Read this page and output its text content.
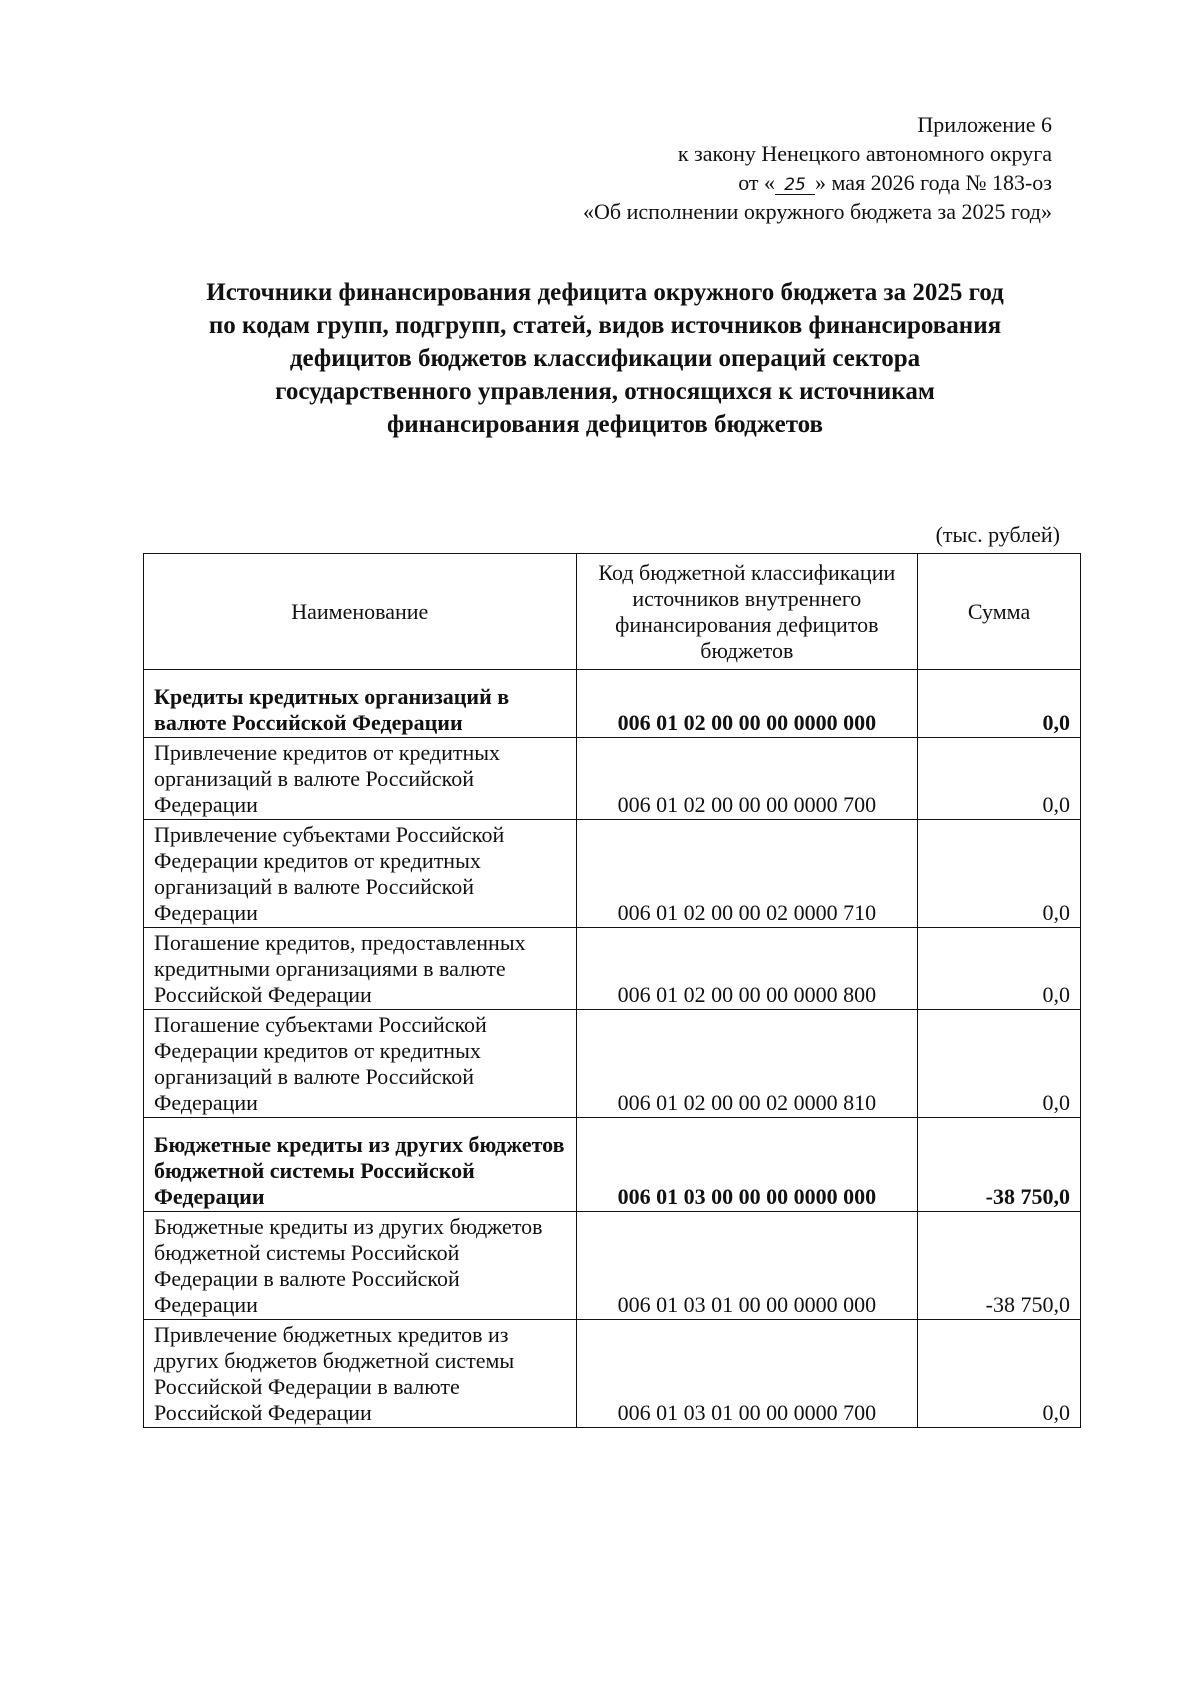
Приложение 6
к закону Ненецкого автономного округа
от « 25 » мая 2026 года № 183-оз
«Об исполнении окружного бюджета за 2025 год»
Источники финансирования дефицита окружного бюджета за 2025 год
по кодам групп, подгрупп, статей, видов источников финансирования
дефицитов бюджетов классификации операций сектора
государственного управления, относящихся к источникам
финансирования дефицитов бюджетов
(тыс. рублей)
Наименование	Код бюджетной классификации источников внутреннего финансирования дефицитов бюджетов	Сумма
Кредиты кредитных организаций в валюте Российской Федерации	006 01 02 00 00 00 0000 000	0,0
Привлечение кредитов от кредитных организаций в валюте Российской Федерации	006 01 02 00 00 00 0000 700	0,0
Привлечение субъектами Российской Федерации кредитов от кредитных организаций в валюте Российской Федерации	006 01 02 00 00 02 0000 710	0,0
Погашение кредитов, предоставленных кредитными организациями в валюте Российской Федерации	006 01 02 00 00 00 0000 800	0,0
Погашение субъектами Российской Федерации кредитов от кредитных организаций в валюте Российской Федерации	006 01 02 00 00 02 0000 810	0,0
Бюджетные кредиты из других бюджетов бюджетной системы Российской Федерации	006 01 03 00 00 00 0000 000	-38 750,0
Бюджетные кредиты из других бюджетов бюджетной системы Российской Федерации в валюте Российской Федерации	006 01 03 01 00 00 0000 000	-38 750,0
Привлечение бюджетных кредитов из других бюджетов бюджетной системы Российской Федерации в валюте Российской Федерации	006 01 03 01 00 00 0000 700	0,0
